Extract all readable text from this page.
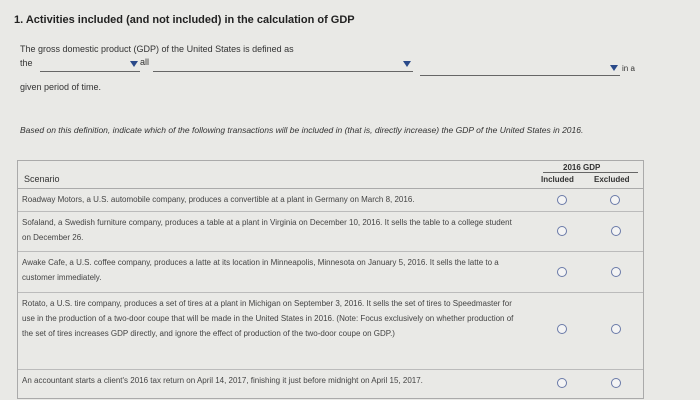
1. Activities included (and not included) in the calculation of GDP
The gross domestic product (GDP) of the United States is defined as
the	all
in a
given period of time.
Based on this definition, indicate which of the following transactions will be included in (that is, directly increase) the GDP of the United States in 2016.
Scenario
2016 GDP
Included	Excluded
Roadway Motors, a U.S. automobile company, produces a convertible at a plant in Germany on March 8, 2016.
Sofaland, a Swedish furniture company, produces a table at a plant in Virginia on December 10, 2016. It sells the table to a college student on December 26.
Awake Cafe, a U.S. coffee company, produces a latte at its location in Minneapolis, Minnesota on January 5, 2016. It sells the latte to a customer immediately.
Rotato, a U.S. tire company, produces a set of tires at a plant in Michigan on September 3, 2016. It sells the set of tires to Speedmaster for use in the production of a two-door coupe that will be made in the United States in 2016. (Note: Focus exclusively on whether production of the set of tires increases GDP directly, and ignore the effect of production of the two-door coupe on GDP.)
An accountant starts a client's 2016 tax return on April 14, 2017, finishing it just before midnight on April 15, 2017.
